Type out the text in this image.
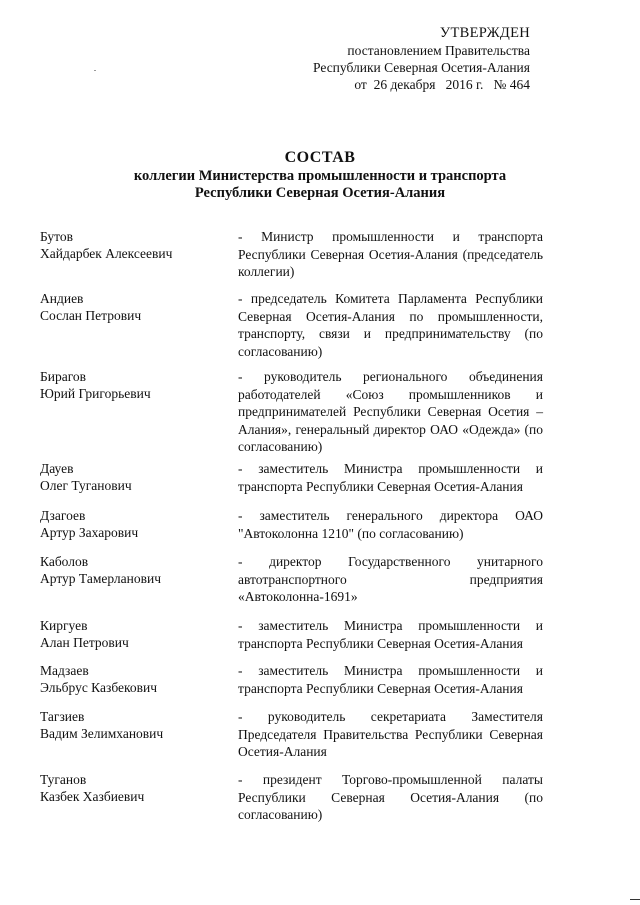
УТВЕРЖДЕН
постановлением Правительства
Республики Северная Осетия-Алания
от  26 декабря   2016 г.   № 464
СОСТАВ
коллегии Министерства промышленности и транспорта
Республики Северная Осетия-Алания
Бутов
Хайдарбек Алексеевич
- Министр промышленности и транспорта Республики Северная Осетия-Алания (председатель коллегии)
Андиев
Сослан Петрович
- председатель Комитета Парламента Республики Северная Осетия-Алания по промышленности, транспорту, связи и предпринимательству (по согласованию)
Бирагов
Юрий Григорьевич
- руководитель регионального объединения работодателей «Союз промышленников и предпринимателей Республики Северная Осетия – Алания», генеральный директор ОАО «Одежда» (по согласованию)
Дауев
Олег Туганович
- заместитель Министра промышленности и транспорта Республики Северная Осетия-Алания
Дзагоев
Артур Захарович
- заместитель генерального директора ОАО "Автоколонна 1210" (по согласованию)
Каболов
Артур Тамерланович
- директор Государственного унитарного автотранспортного предприятия «Автоколонна-1691»
Киргуев
Алан Петрович
- заместитель Министра промышленности и транспорта Республики Северная Осетия-Алания
Мадзаев
Эльбрус Казбекович
- заместитель Министра промышленности и транспорта Республики Северная Осетия-Алания
Тагзиев
Вадим Зелимханович
- руководитель секретариата Заместителя Председателя Правительства Республики Северная Осетия-Алания
Туганов
Казбек Хазбиевич
- президент Торгово-промышленной палаты Республики Северная Осетия-Алания (по согласованию)
